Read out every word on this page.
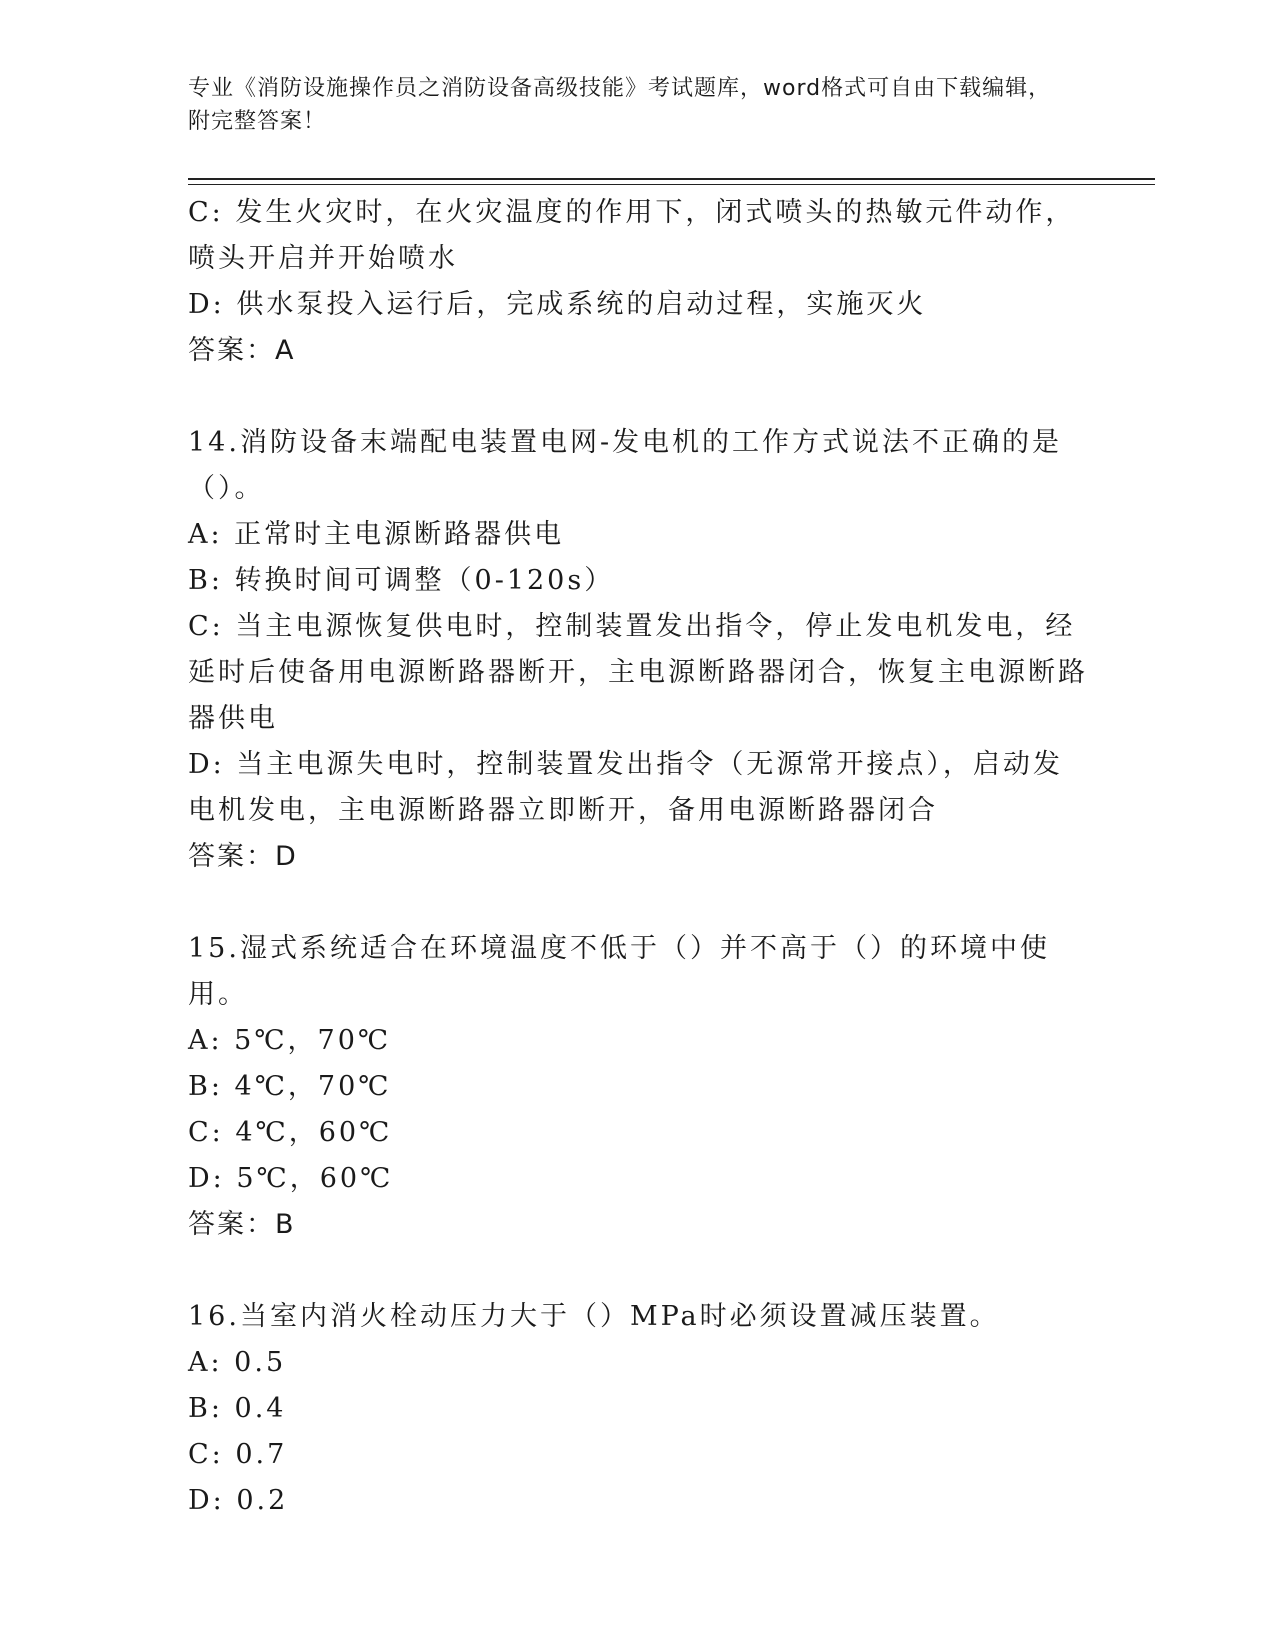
专业《消防设施操作员之消防设备高级技能》考试题库，word格式可自由下载编辑，附完整答案！
C: 发生火灾时，在火灾温度的作用下，闭式喷头的热敏元件动作，喷头开启并开始喷水
D: 供水泵投入运行后，完成系统的启动过程，实施灭火
答案：A
14.消防设备末端配电装置电网-发电机的工作方式说法不正确的是（）。
A: 正常时主电源断路器供电
B: 转换时间可调整（0-120s）
C: 当主电源恢复供电时，控制装置发出指令，停止发电机发电，经延时后使备用电源断路器断开，主电源断路器闭合，恢复主电源断路器供电
D: 当主电源失电时，控制装置发出指令（无源常开接点），启动发电机发电，主电源断路器立即断开，备用电源断路器闭合
答案：D
15.湿式系统适合在环境温度不低于（）并不高于（）的环境中使用。
A: 5℃，70℃
B: 4℃，70℃
C: 4℃，60℃
D: 5℃，60℃
答案：B
16.当室内消火栓动压力大于（）MPa时必须设置减压装置。
A: 0.5
B: 0.4
C: 0.7
D: 0.2
